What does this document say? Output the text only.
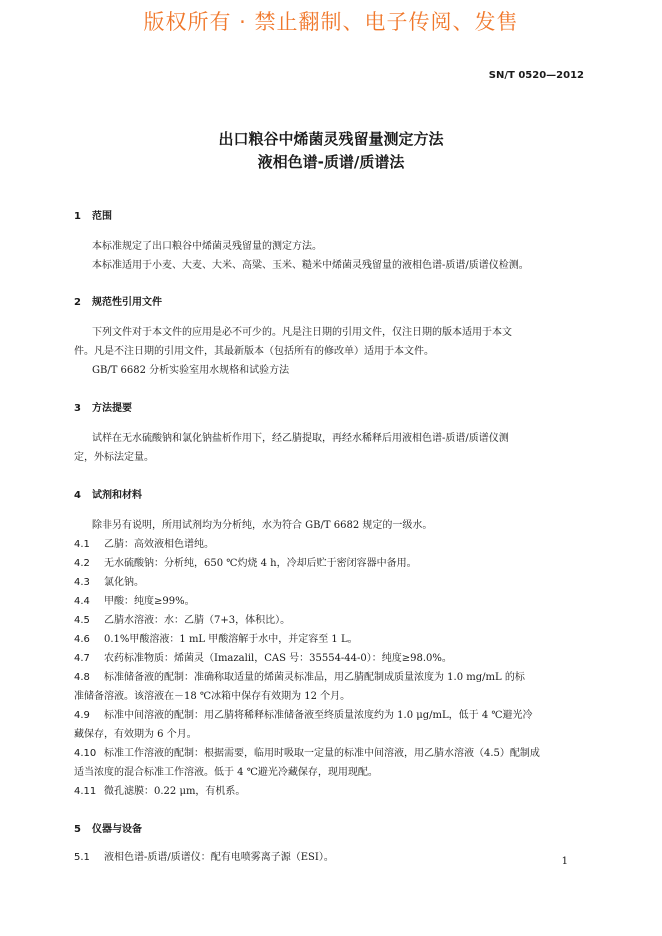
版权所有 · 禁止翻制、电子传阅、发售
SN/T 0520—2012
出口粮谷中烯菌灵残留量测定方法
液相色谱-质谱/质谱法
1 范围
本标准规定了出口粮谷中烯菌灵残留量的测定方法。
本标准适用于小麦、大麦、大米、高粱、玉米、糙米中烯菌灵残留量的液相色谱-质谱/质谱仪检测。
2 规范性引用文件
下列文件对于本文件的应用是必不可少的。凡是注日期的引用文件，仅注日期的版本适用于本文
件。凡是不注日期的引用文件，其最新版本（包括所有的修改单）适用于本文件。
GB/T 6682 分析实验室用水规格和试验方法
3 方法提要
试样在无水硫酸钠和氯化钠盐析作用下，经乙腈提取，再经水稀释后用液相色谱-质谱/质谱仪测
定，外标法定量。
4 试剂和材料
除非另有说明，所用试剂均为分析纯，水为符合 GB/T 6682 规定的一级水。
4.1 乙腈：高效液相色谱纯。
4.2 无水硫酸钠：分析纯，650 ℃灼烧 4 h，冷却后贮于密闭容器中备用。
4.3 氯化钠。
4.4 甲酸：纯度≥99%。
4.5 乙腈水溶液：水：乙腈（7+3，体积比）。
4.6 0.1%甲酸溶液：1 mL 甲酸溶解于水中，并定容至 1 L。
4.7 农药标准物质：烯菌灵（Imazalil，CAS 号：35554-44-0）：纯度≥98.0%。
4.8 标准储备液的配制：准确称取适量的烯菌灵标准品，用乙腈配制成质量浓度为 1.0 mg/mL 的标
准储备溶液。该溶液在－18 ℃冰箱中保存有效期为 12 个月。
4.9 标准中间溶液的配制：用乙腈将稀释标准储备液至终质量浓度约为 1.0 μg/mL，低于 4 ℃避光冷
藏保存，有效期为 6 个月。
4.10 标准工作溶液的配制：根据需要，临用时吸取一定量的标准中间溶液，用乙腈水溶液（4.5）配制成
适当浓度的混合标准工作溶液。低于 4 ℃避光冷藏保存，现用现配。
4.11 微孔滤膜：0.22 μm，有机系。
5 仪器与设备
5.1 液相色谱-质谱/质谱仪：配有电喷雾离子源（ESI）。	1
